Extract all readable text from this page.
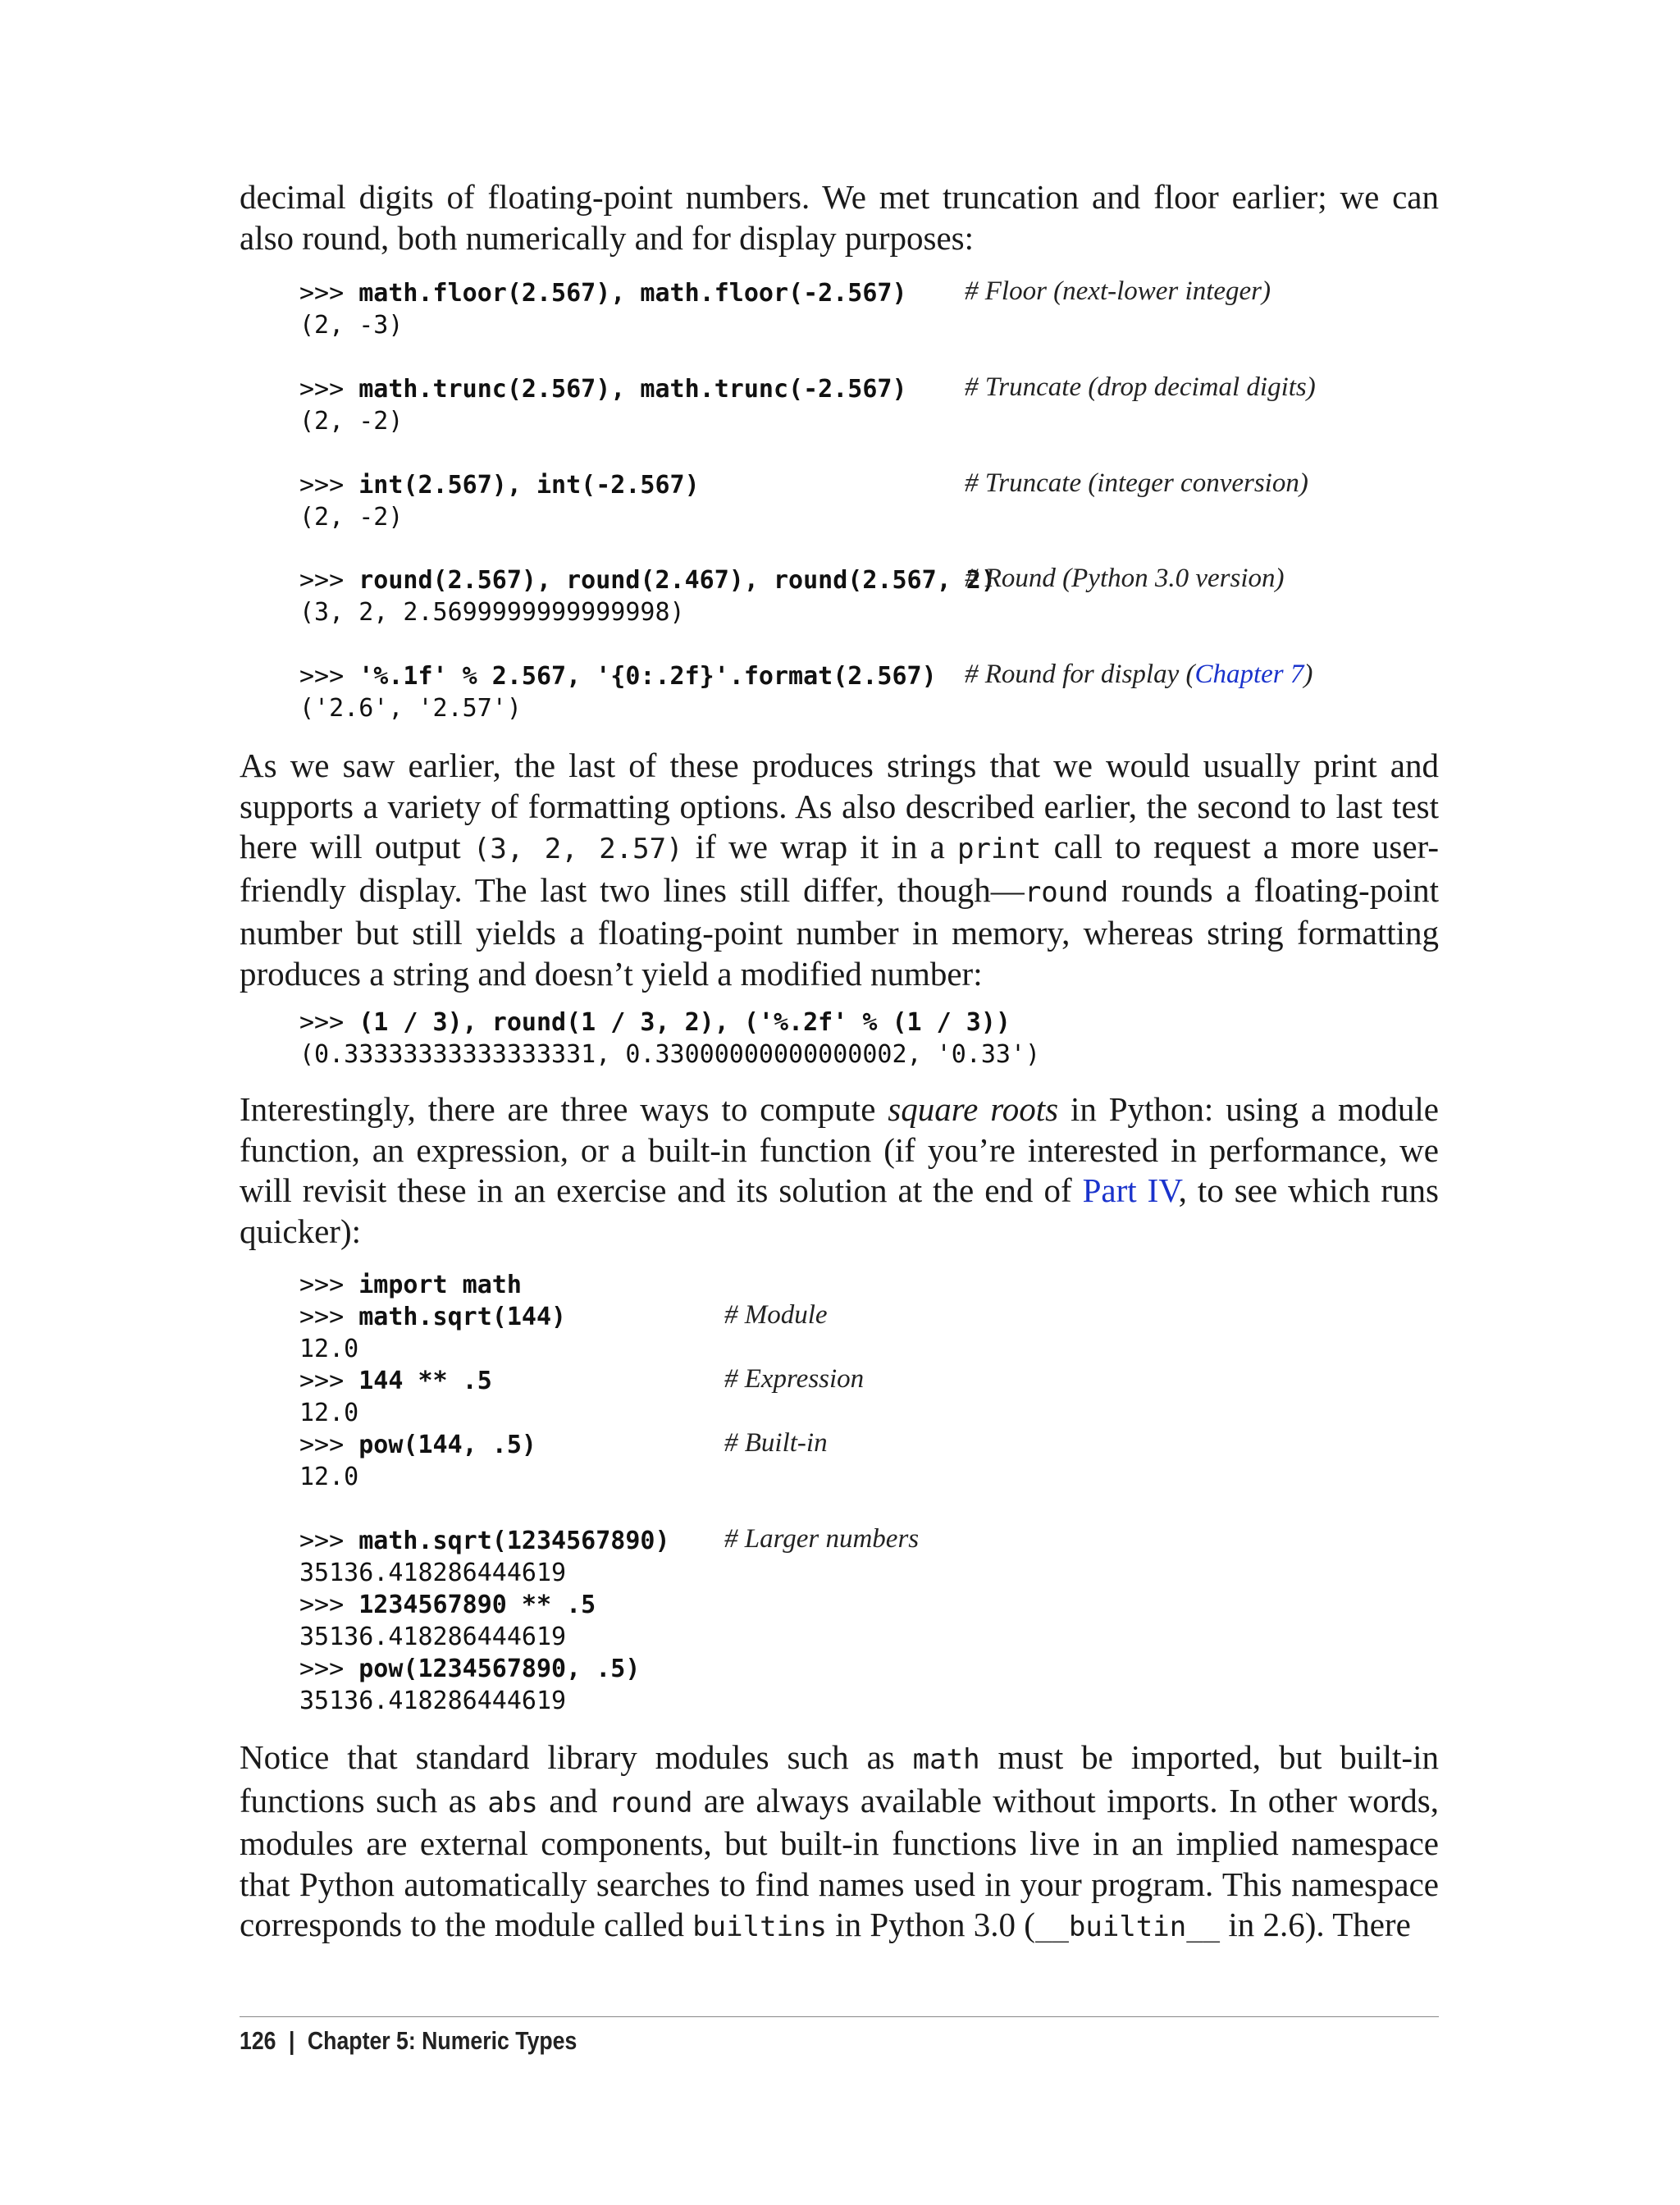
decimal digits of floating-point numbers. We met truncation and floor earlier; we can also round, both numerically and for display purposes:

>>> math.floor(2.567), math.floor(-2.567)
(2, -3)
# Floor (next-lower integer)
>>> math.trunc(2.567), math.trunc(-2.567)
(2, -2)
# Truncate (drop decimal digits)
>>> int(2.567), int(-2.567)
(2, -2)
# Truncate (integer conversion)
>>> round(2.567), round(2.467), round(2.567, 2)
(3, 2, 2.5699999999999998)
# Round (Python 3.0 version)
>>> '%.1f' % 2.567, '{0:.2f}'.format(2.567)
('2.6', '2.57')
# Round for display (Chapter 7)

As we saw earlier, the last of these produces strings that we would usually print and supports a variety of formatting options. As also described earlier, the second to last test here will output (3, 2, 2.57) if we wrap it in a print call to request a more user-friendly display. The last two lines still differ, though—round rounds a floating-point number but still yields a floating-point number in memory, whereas string formatting produces a string and doesn’t yield a modified number:

>>> (1 / 3), round(1 / 3, 2), ('%.2f' % (1 / 3))
(0.33333333333333331, 0.33000000000000002, '0.33')

Interestingly, there are three ways to compute square roots in Python: using a module function, an expression, or a built-in function (if you’re interested in performance, we will revisit these in an exercise and its solution at the end of Part IV, to see which runs quicker):

>>> import math
>>> math.sqrt(144)
12.0
>>> 144 ** .5
12.0
>>> pow(144, .5)
12.0
# Module
# Expression
# Built-in
>>> math.sqrt(1234567890)
35136.418286444619
>>> 1234567890 ** .5
35136.418286444619
>>> pow(1234567890, .5)
35136.418286444619
# Larger numbers

Notice that standard library modules such as math must be imported, but built-in functions such as abs and round are always available without imports. In other words, modules are external components, but built-in functions live in an implied namespace that Python automatically searches to find names used in your program. This namespace corresponds to the module called builtins in Python 3.0 (__builtin__ in 2.6). There

126 | Chapter 5: Numeric Types
